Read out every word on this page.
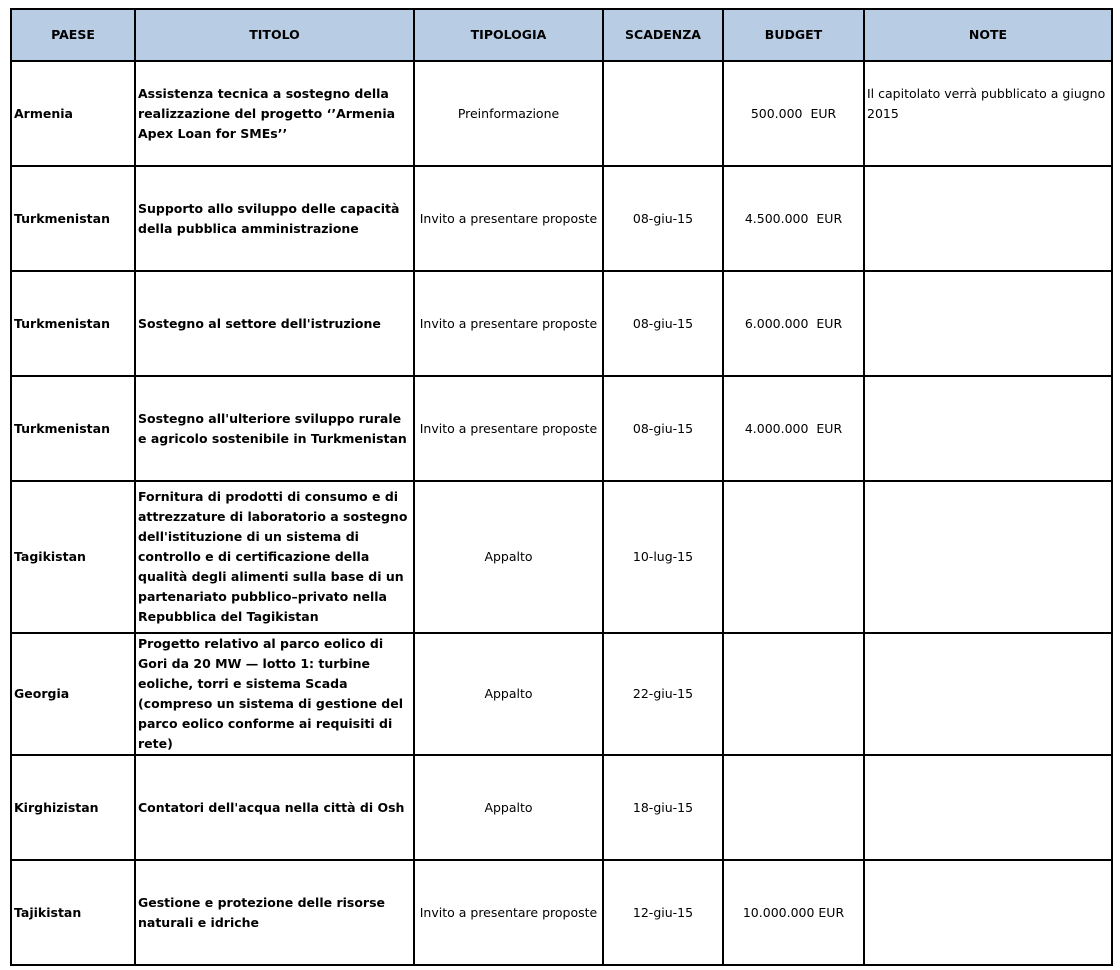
PAESE	TITOLO	TIPOLOGIA	SCADENZA	BUDGET	NOTE
Armenia	Assistenza tecnica a sostegno della realizzazione del progetto ‘’Armenia Apex Loan for SMEs’’	Preinformazione		500.000  EUR	Il capitolato verrà pubblicato a giugno 2015

Turkmenistan	Supporto allo sviluppo delle capacità della pubblica amministrazione	Invito a presentare proposte	08-giu-15	4.500.000  EUR	
Turkmenistan	Sostegno al settore dell'istruzione	Invito a presentare proposte	08-giu-15	6.000.000  EUR	
Turkmenistan	Sostegno all'ulteriore sviluppo rurale e agricolo sostenibile in Turkmenistan	Invito a presentare proposte	08-giu-15	4.000.000  EUR	
Tagikistan	Fornitura di prodotti di consumo e di attrezzature di laboratorio a sostegno dell'istituzione di un sistema di controllo e di certificazione della qualità degli alimenti sulla base di un partenariato pubblico–privato nella Repubblica del Tagikistan	Appalto	10-lug-15		
Georgia	Progetto relativo al parco eolico di Gori da 20 MW — lotto 1: turbine eoliche, torri e sistema Scada (compreso un sistema di gestione del parco eolico conforme ai requisiti di rete)	Appalto	22-giu-15		
Kirghizistan	Contatori dell'acqua nella città di Osh	Appalto	18-giu-15		
Tajikistan	Gestione e protezione delle risorse naturali e idriche	Invito a presentare proposte	12-giu-15	10.000.000 EUR	
